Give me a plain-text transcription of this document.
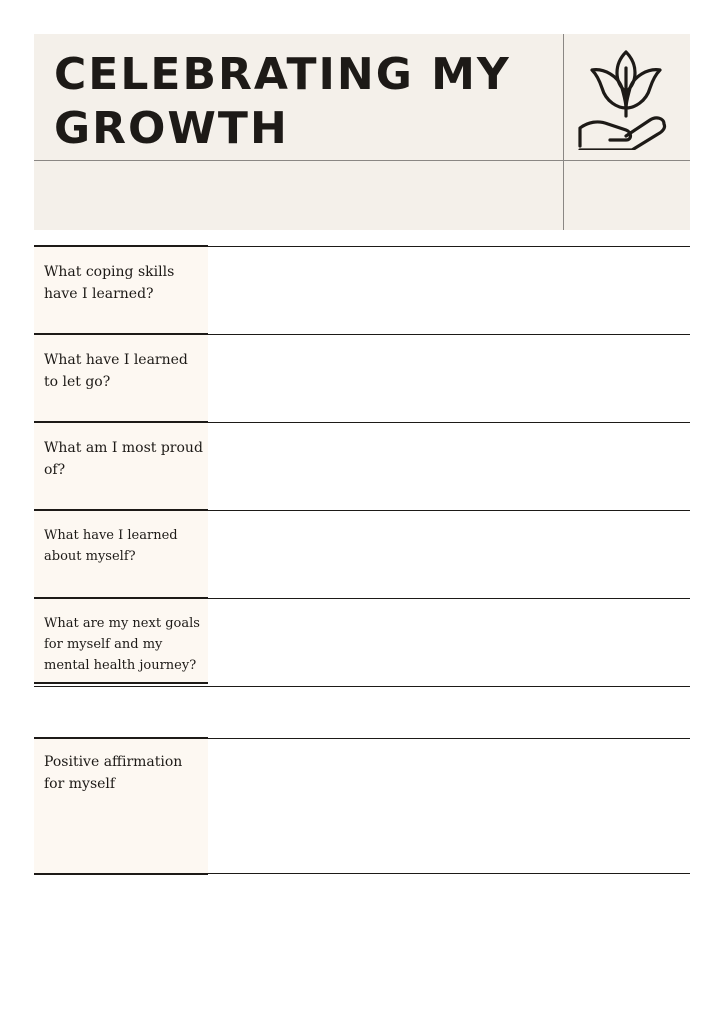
CELEBRATING MY GROWTH
What coping skills have I learned?
What have I learned to let go?
What am I most proud of?
What have I learned about myself?
What are my next goals for myself and my mental health journey?
Positive affirmation for myself
